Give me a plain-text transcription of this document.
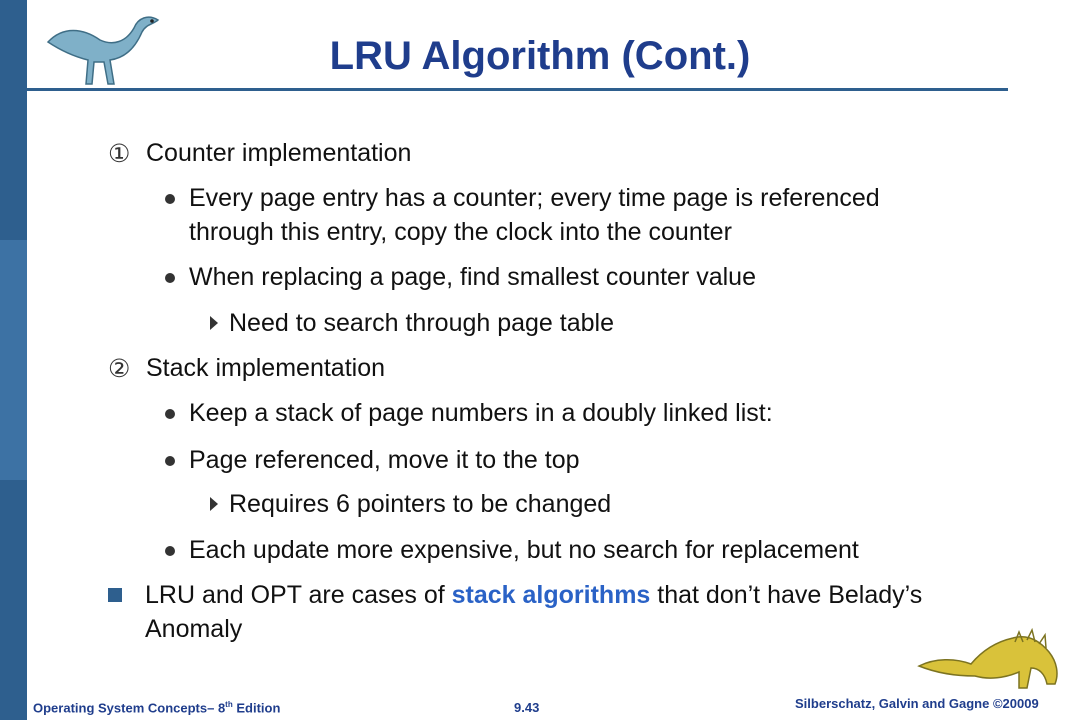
LRU Algorithm (Cont.)
① Counter implementation
Every page entry has a counter; every time page is referenced
through this entry, copy the clock into the counter
When replacing a page, find smallest counter value
Need to search through page table
② Stack implementation
Keep a stack of page numbers in a doubly linked list:
Page referenced, move it to the top
Requires 6 pointers to be changed
Each update more expensive, but no search for replacement
LRU and OPT are cases of stack algorithms that don’t have Belady’s
Anomaly
Operating System Concepts– 8th Edition	9.43	Silberschatz, Galvin and Gagne ©20009
